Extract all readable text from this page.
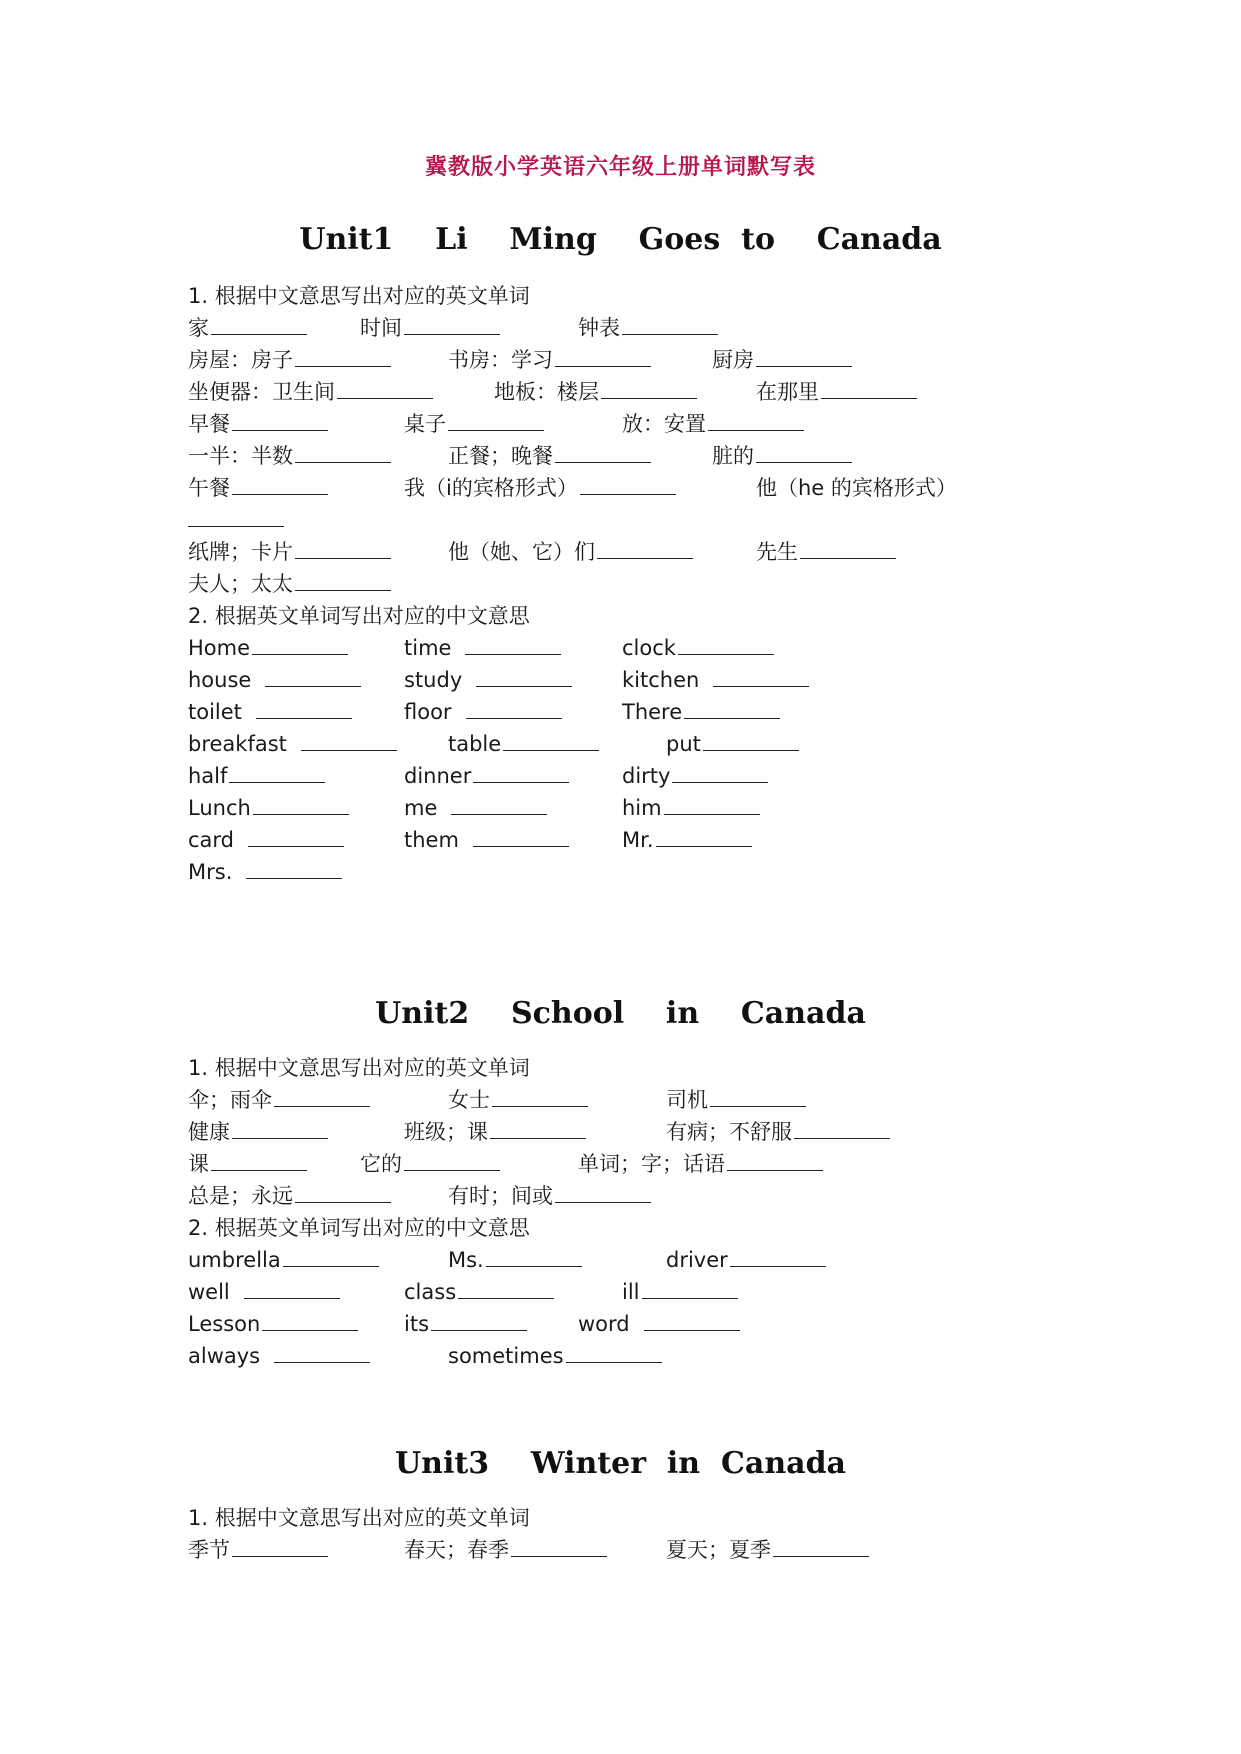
冀教版小学英语六年级上册单词默写表
Unit1    Li    Ming    Goes  to    Canada
1. 根据中文意思写出对应的英文单词
家	时间	钟表
房屋：房子	书房：学习	厨房
坐便器：卫生间	地板：楼层	在那里
早餐	桌子	放：安置
一半：半数	正餐；晚餐	脏的
午餐	我（i的宾格形式）	他（he 的宾格形式）
纸牌；卡片	他（她、它）们	先生
夫人；太太
2. 根据英文单词写出对应的中文意思
Home	time	clock
house	study	kitchen
toilet	floor	There
breakfast	table	put
half	dinner	dirty
Lunch	me	him
card	them	Mr.
Mrs.
Unit2    School    in    Canada
1. 根据中文意思写出对应的英文单词
伞；雨伞	女士	司机
健康	班级；课	有病；不舒服
课	它的	单词；字；话语
总是；永远	有时；间或
2. 根据英文单词写出对应的中文意思
umbrella	Ms.	driver
well	class	ill
Lesson	its	word
always	sometimes
Unit3    Winter  in  Canada
1. 根据中文意思写出对应的英文单词
季节	春天；春季	夏天；夏季
